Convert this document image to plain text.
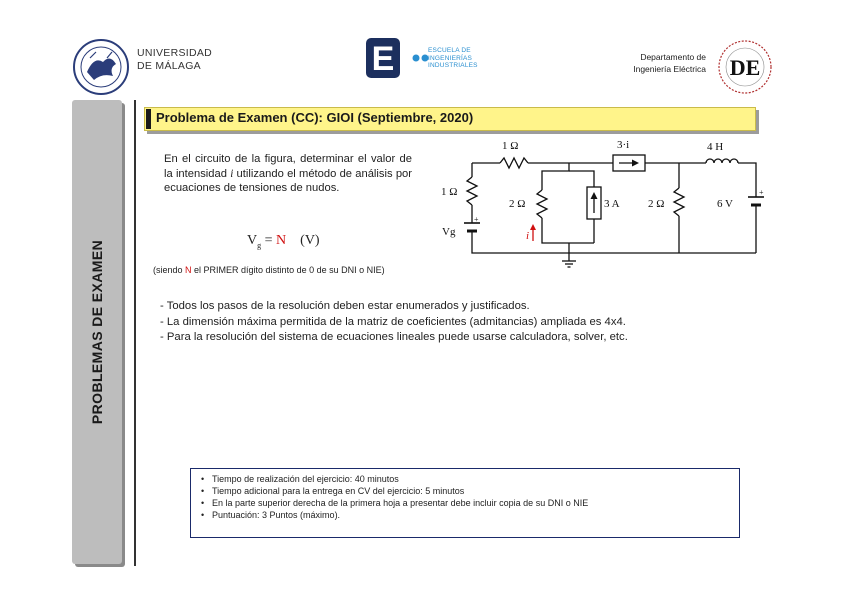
UNIVERSIDAD
DE MÁLAGA	E	ESCUELA DE
INGENIERÍAS
INDUSTRIALES
Departamento de
Ingeniería Eléctrica DE
PROBLEMAS DE EXAMEN
Problema de Examen (CC): GIOI (Septiembre, 2020)
En el circuito de la figura, determinar el valor de la intensidad i utilizando el método de análisis por ecuaciones de tensiones de nudos.
$V_g = N$ (V)
(siendo N el PRIMER dígito distinto de 0 de su DNI o NIE)
1 Ω	3·i	4 H
1 Ω
2 Ω	3 A	2 Ω	6 V
Vg	i
+
+
- Todos los pasos de la resolución deben estar enumerados y justificados.
- La dimensión máxima permitida de la matriz de coeficientes (admitancias) ampliada es 4x4.
- Para la resolución del sistema de ecuaciones lineales puede usarse calculadora, solver, etc.
• Tiempo de realización del ejercicio: 40 minutos
• Tiempo adicional para la entrega en CV del ejercicio: 5 minutos
• En la parte superior derecha de la primera hoja a presentar debe incluir copia de su DNI o NIE
• Puntuación: 3 Puntos (máximo).
